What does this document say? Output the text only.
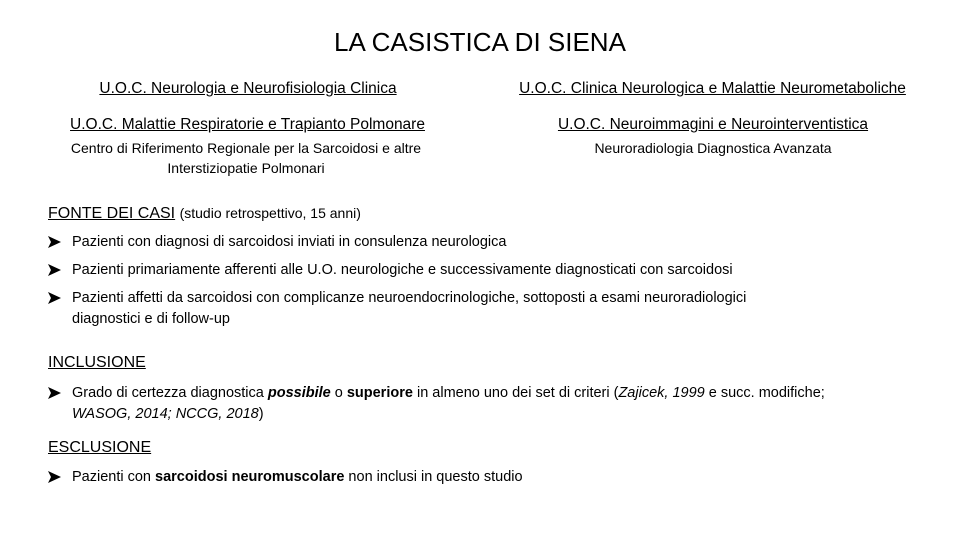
LA CASISTICA DI SIENA
U.O.C. Neurologia e Neurofisiologia Clinica	U.O.C. Clinica Neurologica e Malattie Neurometaboliche
U.O.C. Malattie Respiratorie e Trapianto Polmonare
Centro di Riferimento Regionale per la Sarcoidosi e altre
Interstiziopatie Polmonari
U.O.C. Neuroimmagini e Neurointerventistica
Neuroradiologia Diagnostica Avanzata
FONTE DEI CASI (studio retrospettivo, 15 anni)
Pazienti con diagnosi di sarcoidosi inviati in consulenza neurologica
Pazienti primariamente afferenti alle U.O. neurologiche e successivamente diagnosticati con sarcoidosi
Pazienti affetti da sarcoidosi con complicanze neuroendocrinologiche, sottoposti a esami neuroradiologici
diagnostici e di follow-up
INCLUSIONE
Grado di certezza diagnostica possibile o superiore in almeno uno dei set di criteri (Zajicek, 1999 e succ. modifiche;
WASOG, 2014; NCCG, 2018)
ESCLUSIONE
Pazienti con sarcoidosi neuromuscolare non inclusi in questo studio
